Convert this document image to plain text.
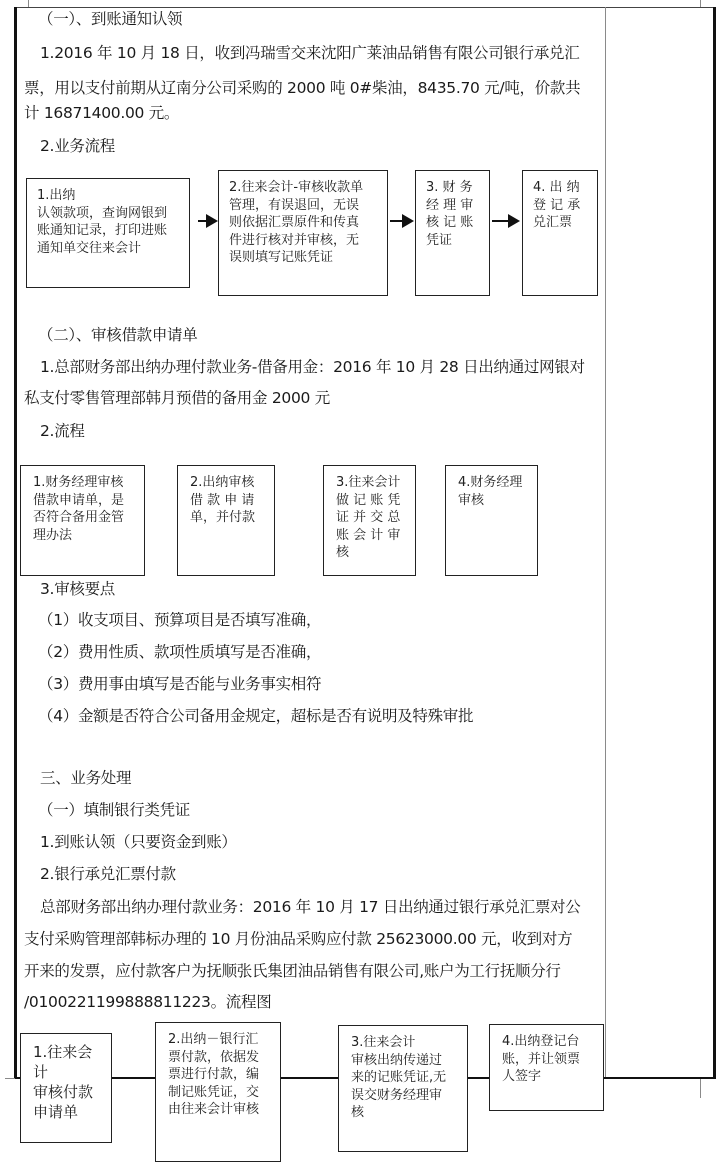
（一）、到账通知认领
1.2016 年 10 月 18 日，收到冯瑞雪交来沈阳广莱油品销售有限公司银行承兑汇
票，用以支付前期从辽南分公司采购的 2000 吨 0#柴油，8435.70 元/吨，价款共
计 16871400.00 元。
2.业务流程
1.出纳
认领款项，查询网银到
账通知记录，打印进账
通知单交往来会计
2.往来会计-审核收款单
管理，有误退回，无误
则依据汇票原件和传真
件进行核对并审核，无
误则填写记账凭证
3. 财 务
经 理 审
核 记 账
凭证
4. 出 纳
登 记 承
兑汇票
（二）、审核借款申请单
1.总部财务部出纳办理付款业务-借备用金：2016 年 10 月 28 日出纳通过网银对
私支付零售管理部韩月预借的备用金 2000 元
2.流程
1.财务经理审核
借款申请单，是
否符合备用金管
理办法
2.出纳审核
借 款 申 请
单，并付款
3.往来会计
做 记 账 凭
证 并 交 总
账 会 计 审
核
4.财务经理
审核
3.审核要点
（1）收支项目、预算项目是否填写准确，
（2）费用性质、款项性质填写是否准确，
（3）费用事由填写是否能与业务事实相符
（4）金额是否符合公司备用金规定，超标是否有说明及特殊审批
三、业务处理
（一）填制银行类凭证
1.到账认领（只要资金到账）
2.银行承兑汇票付款
总部财务部出纳办理付款业务：2016 年 10 月 17 日出纳通过银行承兑汇票对公
支付采购管理部韩标办理的 10 月份油品采购应付款 25623000.00 元，收到对方
开来的发票，应付款客户为抚顺张氏集团油品销售有限公司,账户为工行抚顺分行
/0100221199888811223。流程图
1.往来会
计
审核付款
申请单
2.出纳－银行汇
票付款，依据发
票进行付款，编
制记账凭证，交
由往来会计审核
3.往来会计
审核出纳传递过
来的记账凭证,无
误交财务经理审
核
4.出纳登记台
账，并让领票
人签字
